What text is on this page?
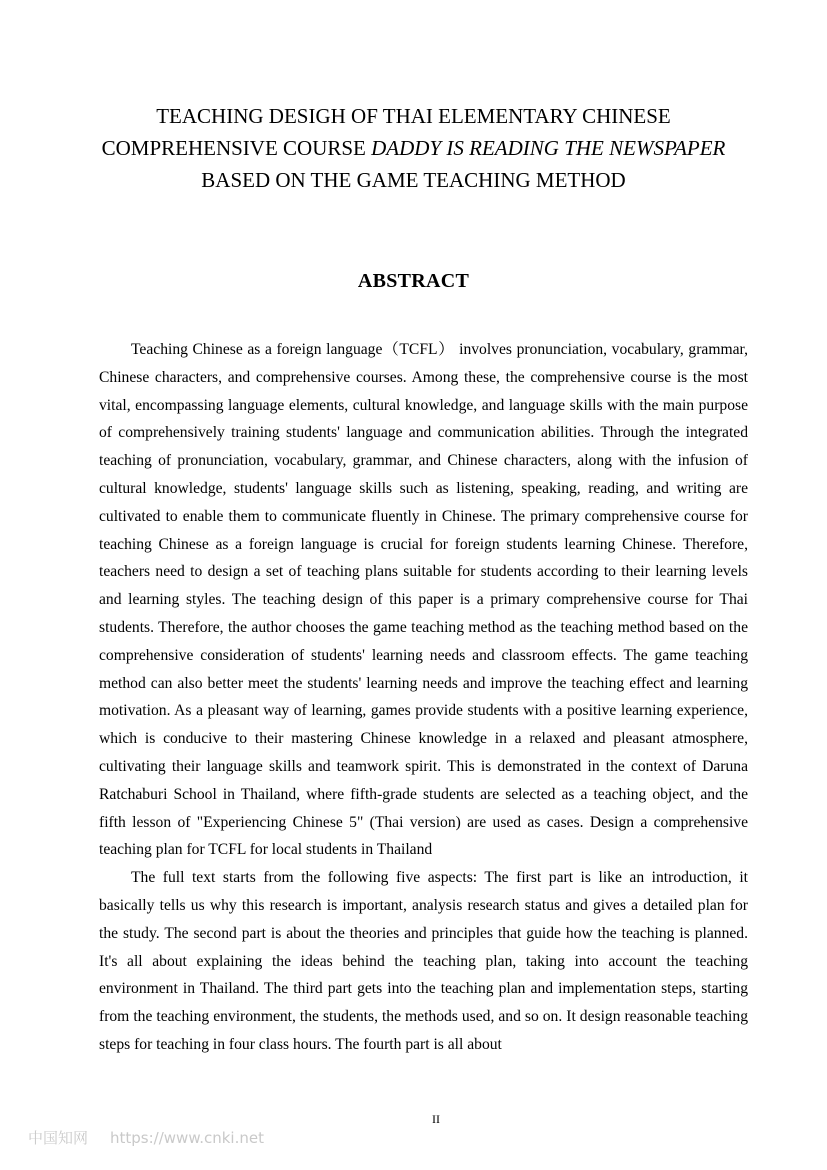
TEACHING DESIGH OF THAI ELEMENTARY CHINESE COMPREHENSIVE COURSE DADDY IS READING THE NEWSPAPER BASED ON THE GAME TEACHING METHOD
ABSTRACT

Teaching Chinese as a foreign language（TCFL） involves pronunciation, vocabulary, grammar, Chinese characters, and comprehensive courses. Among these, the comprehensive course is the most vital, encompassing language elements, cultural knowledge, and language skills with the main purpose of comprehensively training students' language and communication abilities. Through the integrated teaching of pronunciation, vocabulary, grammar, and Chinese characters, along with the infusion of cultural knowledge, students' language skills such as listening, speaking, reading, and writing are cultivated to enable them to communicate fluently in Chinese. The primary comprehensive course for teaching Chinese as a foreign language is crucial for foreign students learning Chinese. Therefore, teachers need to design a set of teaching plans suitable for students according to their learning levels and learning styles. The teaching design of this paper is a primary comprehensive course for Thai students. Therefore, the author chooses the game teaching method as the teaching method based on the comprehensive consideration of students' learning needs and classroom effects. The game teaching method can also better meet the students' learning needs and improve the teaching effect and learning motivation. As a pleasant way of learning, games provide students with a positive learning experience, which is conducive to their mastering Chinese knowledge in a relaxed and pleasant atmosphere, cultivating their language skills and teamwork spirit. This is demonstrated in the context of Daruna Ratchaburi School in Thailand, where fifth-grade students are selected as a teaching object, and the fifth lesson of "Experiencing Chinese 5" (Thai version) are used as cases. Design a comprehensive teaching plan for TCFL for local students in Thailand

The full text starts from the following five aspects: The first part is like an introduction, it basically tells us why this research is important, analysis research status and gives a detailed plan for the study. The second part is about the theories and principles that guide how the teaching is planned. It's all about explaining the ideas behind the teaching plan, taking into account the teaching environment in Thailand. The third part gets into the teaching plan and implementation steps, starting from the teaching environment, the students, the methods used, and so on. It design reasonable teaching steps for teaching in four class hours. The fourth part is all about

II
中国知网 https://www.cnki.net
